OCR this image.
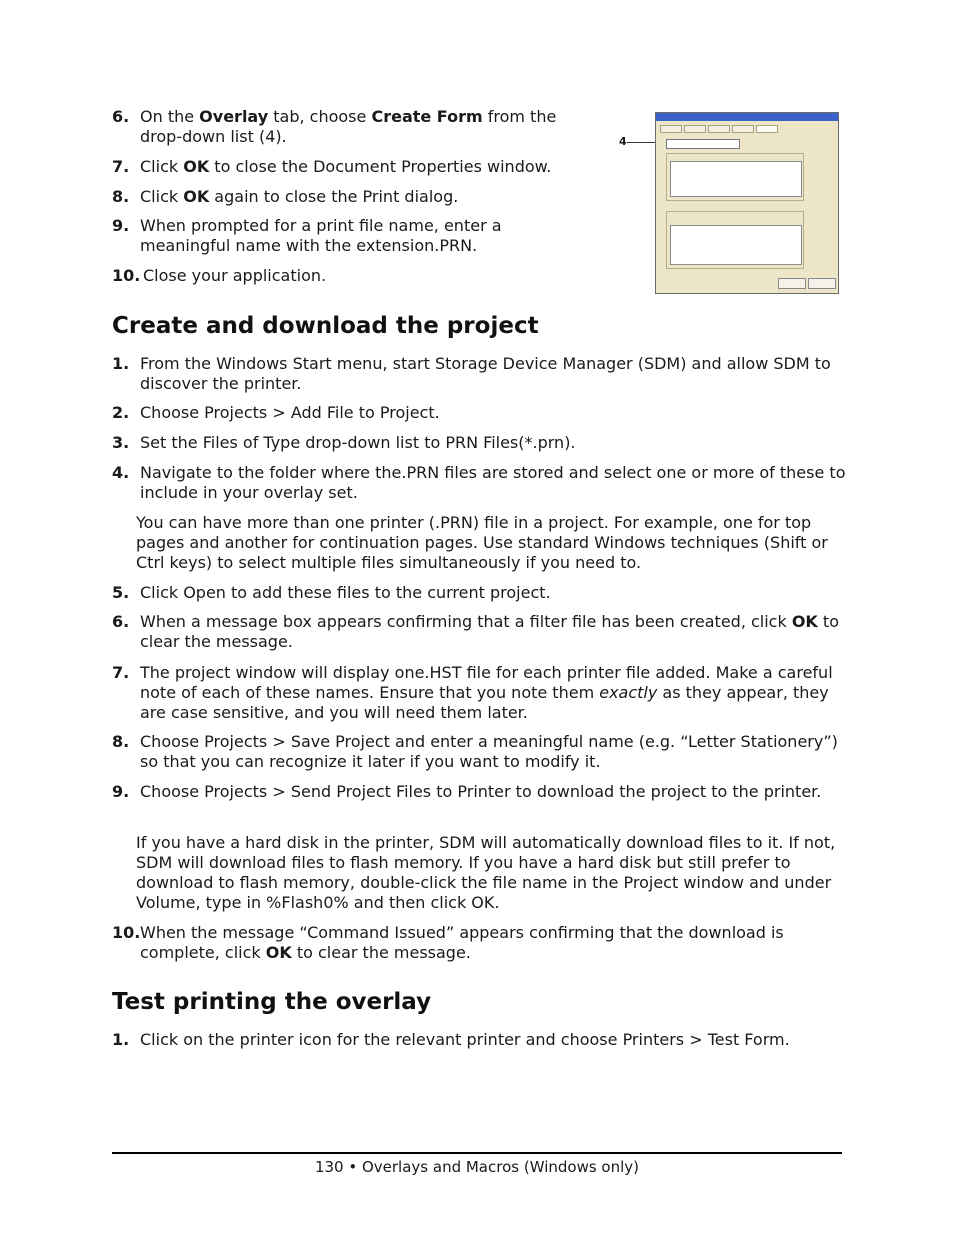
6. On the Overlay tab, choose Create Form from the drop-down list (4).
7. Click OK to close the Document Properties window.
8. Click OK again to close the Print dialog.
9. When prompted for a print file name, enter a meaningful name with the extension.PRN.
10. Close your application.
4
Create and download the project
1. From the Windows Start menu, start Storage Device Manager (SDM) and allow SDM to discover the printer.
2. Choose Projects > Add File to Project.
3. Set the Files of Type drop-down list to PRN Files(*.prn).
4. Navigate to the folder where the.PRN files are stored and select one or more of these to include in your overlay set.
You can have more than one printer (.PRN) file in a project. For example, one for top pages and another for continuation pages. Use standard Windows techniques (Shift or Ctrl keys) to select multiple files simultaneously if you need to.
5. Click Open to add these files to the current project.
6. When a message box appears confirming that a filter file has been created, click OK to clear the message.
7. The project window will display one.HST file for each printer file added. Make a careful note of each of these names. Ensure that you note them exactly as they appear, they are case sensitive, and you will need them later.
8. Choose Projects > Save Project and enter a meaningful name (e.g. “Letter Stationery”) so that you can recognize it later if you want to modify it.
9. Choose Projects > Send Project Files to Printer to download the project to the printer.
If you have a hard disk in the printer, SDM will automatically download files to it. If not, SDM will download files to flash memory. If you have a hard disk but still prefer to download to flash memory, double-click the file name in the Project window and under Volume, type in %Flash0% and then click OK.
10. When the message “Command Issued” appears confirming that the download is complete, click OK to clear the message.
Test printing the overlay
1. Click on the printer icon for the relevant printer and choose Printers > Test Form.
130 • Overlays and Macros (Windows only)
